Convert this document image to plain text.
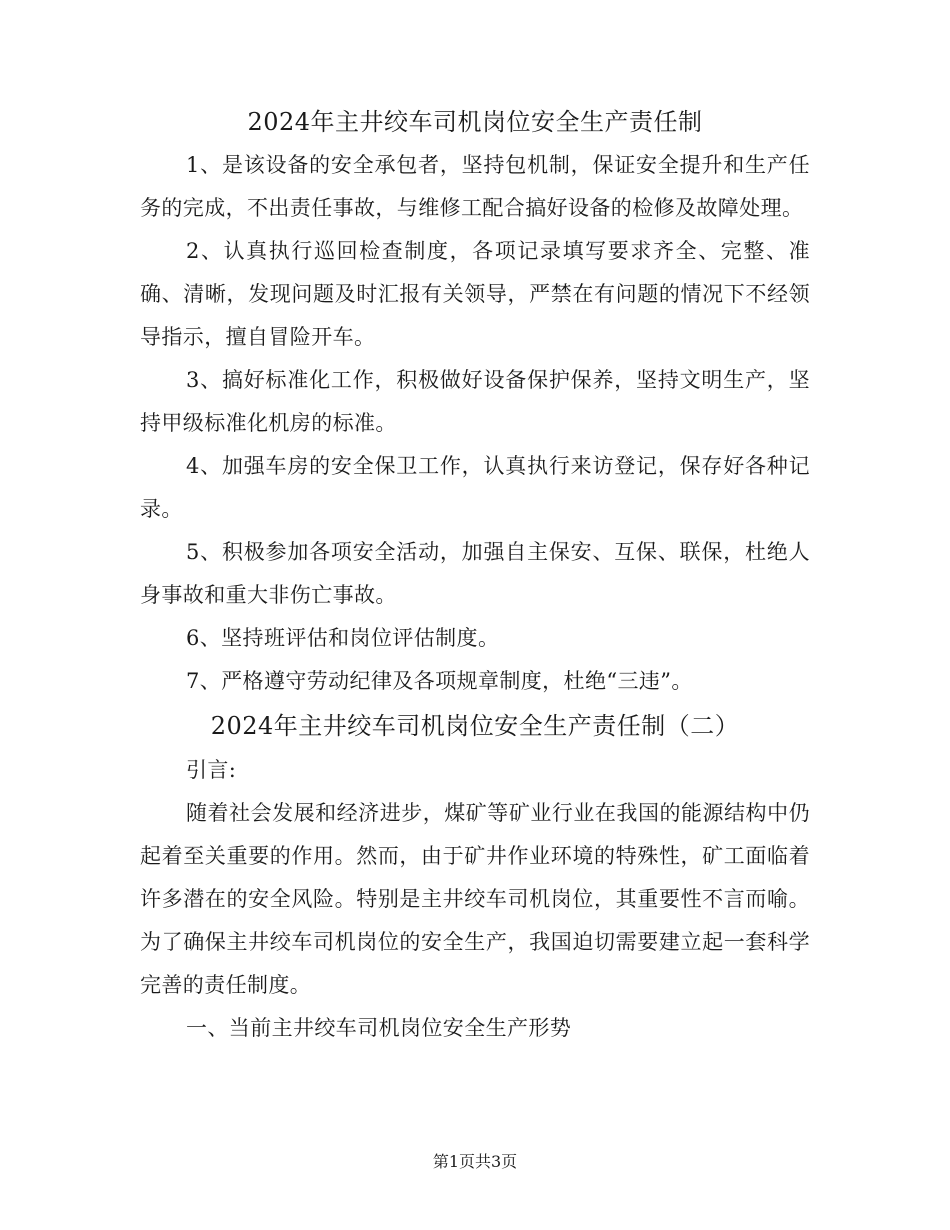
2024年主井绞车司机岗位安全生产责任制

1、是该设备的安全承包者，坚持包机制，保证安全提升和生产任务的完成，不出责任事故，与维修工配合搞好设备的检修及故障处理。

2、认真执行巡回检查制度，各项记录填写要求齐全、完整、准确、清晰，发现问题及时汇报有关领导，严禁在有问题的情况下不经领导指示，擅自冒险开车。

3、搞好标准化工作，积极做好设备保护保养，坚持文明生产，坚持甲级标准化机房的标准。

4、加强车房的安全保卫工作，认真执行来访登记，保存好各种记录。

5、积极参加各项安全活动，加强自主保安、互保、联保，杜绝人身事故和重大非伤亡事故。

6、坚持班评估和岗位评估制度。

7、严格遵守劳动纪律及各项规章制度，杜绝“三违”。

2024年主井绞车司机岗位安全生产责任制（二）

引言:

随着社会发展和经济进步，煤矿等矿业行业在我国的能源结构中仍起着至关重要的作用。然而，由于矿井作业环境的特殊性，矿工面临着许多潜在的安全风险。特别是主井绞车司机岗位，其重要性不言而喻。为了确保主井绞车司机岗位的安全生产，我国迫切需要建立起一套科学完善的责任制度。

一、当前主井绞车司机岗位安全生产形势

第1页共3页
